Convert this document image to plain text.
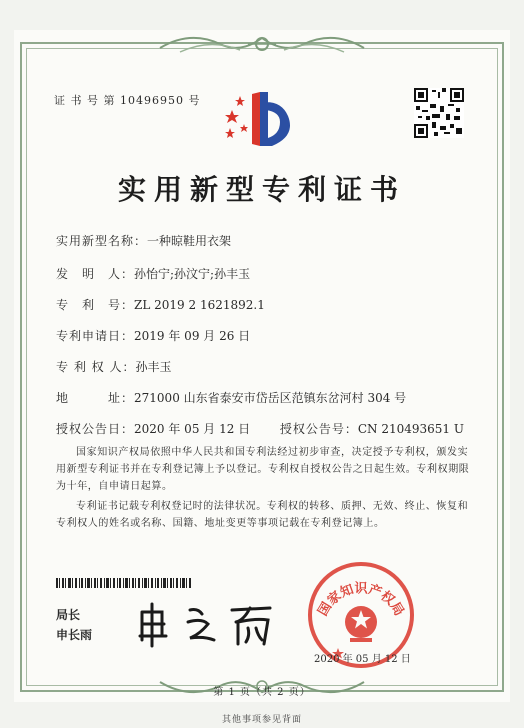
证 书 号 第 10496950 号
实用新型专利证书
实用新型名称：一种晾鞋用衣架
发　明　人：孙怡宁;孙汶宁;孙丰玉
专　利　号：ZL 2019 2 1621892.1
专利申请日：2019 年 09 月 26 日
专 利 权 人：孙丰玉
地　　　址：271000 山东省泰安市岱岳区范镇东岔河村 304 号
授权公告日：2020 年 05 月 12 日 授权公告号：CN 210493651 U
国家知识产权局依照中华人民共和国专利法经过初步审查，决定授予专利权，颁发实用新型专利证书并在专利登记簿上予以登记。专利权自授权公告之日起生效。专利权期限为十年，自申请日起算。
专利证书记载专利权登记时的法律状况。专利权的转移、质押、无效、终止、恢复和专利权人的姓名或名称、国籍、地址变更等事项记载在专利登记簿上。
局长
申长雨
国家知识产权局
2020 年 05 月 12 日
第 1 页（共 2 页）
其他事项参见背面
